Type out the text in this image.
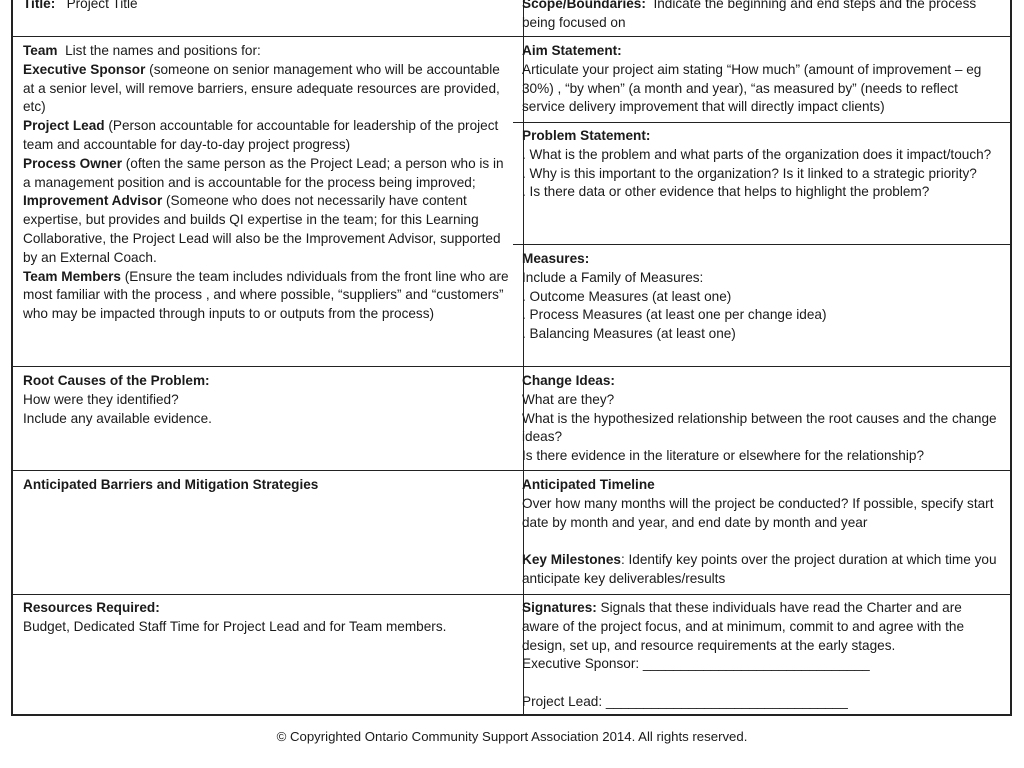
Title: Project Title	Scope/Boundaries: Indicate the beginning and end steps and the process being focused on

Team List the names and positions for:

Executive Sponsor (someone on senior management who will be accountable at a senior level, will remove barriers, ensure adequate resources are provided, etc)

Project Lead (Person accountable for accountable for leadership of the project team and accountable for day-to-day project progress)

Process Owner (often the same person as the Project Lead; a person who is in a management position and is accountable for the process being improved;

Improvement Advisor (Someone who does not necessarily have content expertise, but provides and builds QI expertise in the team; for this Learning Collaborative, the Project Lead will also be the Improvement Advisor, supported by an External Coach.

Team Members (Ensure the team includes ndividuals from the front line who are most familiar with the process , and where possible, “suppliers” and “customers” who may be impacted through inputs to or outputs from the process)

Aim Statement:

Articulate your project aim stating “How much” (amount of improvement – eg 30%) , “by when” (a month and year), “as measured by” (needs to reflect service delivery improvement that will directly impact clients)

Problem Statement:

. What is the problem and what parts of the organization does it impact/touch?

. Why is this important to the organization? Is it linked to a strategic priority?

. Is there data or other evidence that helps to highlight the problem?

Measures:

Include a Family of Measures:

. Outcome Measures (at least one)

. Process Measures (at least one per change idea)

. Balancing Measures (at least one)

Root Causes of the Problem:

How were they identified?

Include any available evidence.

Change Ideas:

What are they?

What is the hypothesized relationship between the root causes and the change ideas?

Is there evidence in the literature or elsewhere for the relationship?

Anticipated Barriers and Mitigation Strategies	Anticipated Timeline

Over how many months will the project be conducted? If possible, specify start date by month and year, and end date by month and year

Key Milestones: Identify key points over the project duration at which time you anticipate key deliverables/results

Resources Required:

Budget, Dedicated Staff Time for Project Lead and for Team members.

Signatures: Signals that these individuals have read the Charter and are aware of the project focus, and at minimum, commit to and agree with the design, set up, and resource requirements at the early stages.

Executive Sponsor: ______________________________

Project Lead: ________________________________

© Copyrighted Ontario Community Support Association 2014. All rights reserved.
